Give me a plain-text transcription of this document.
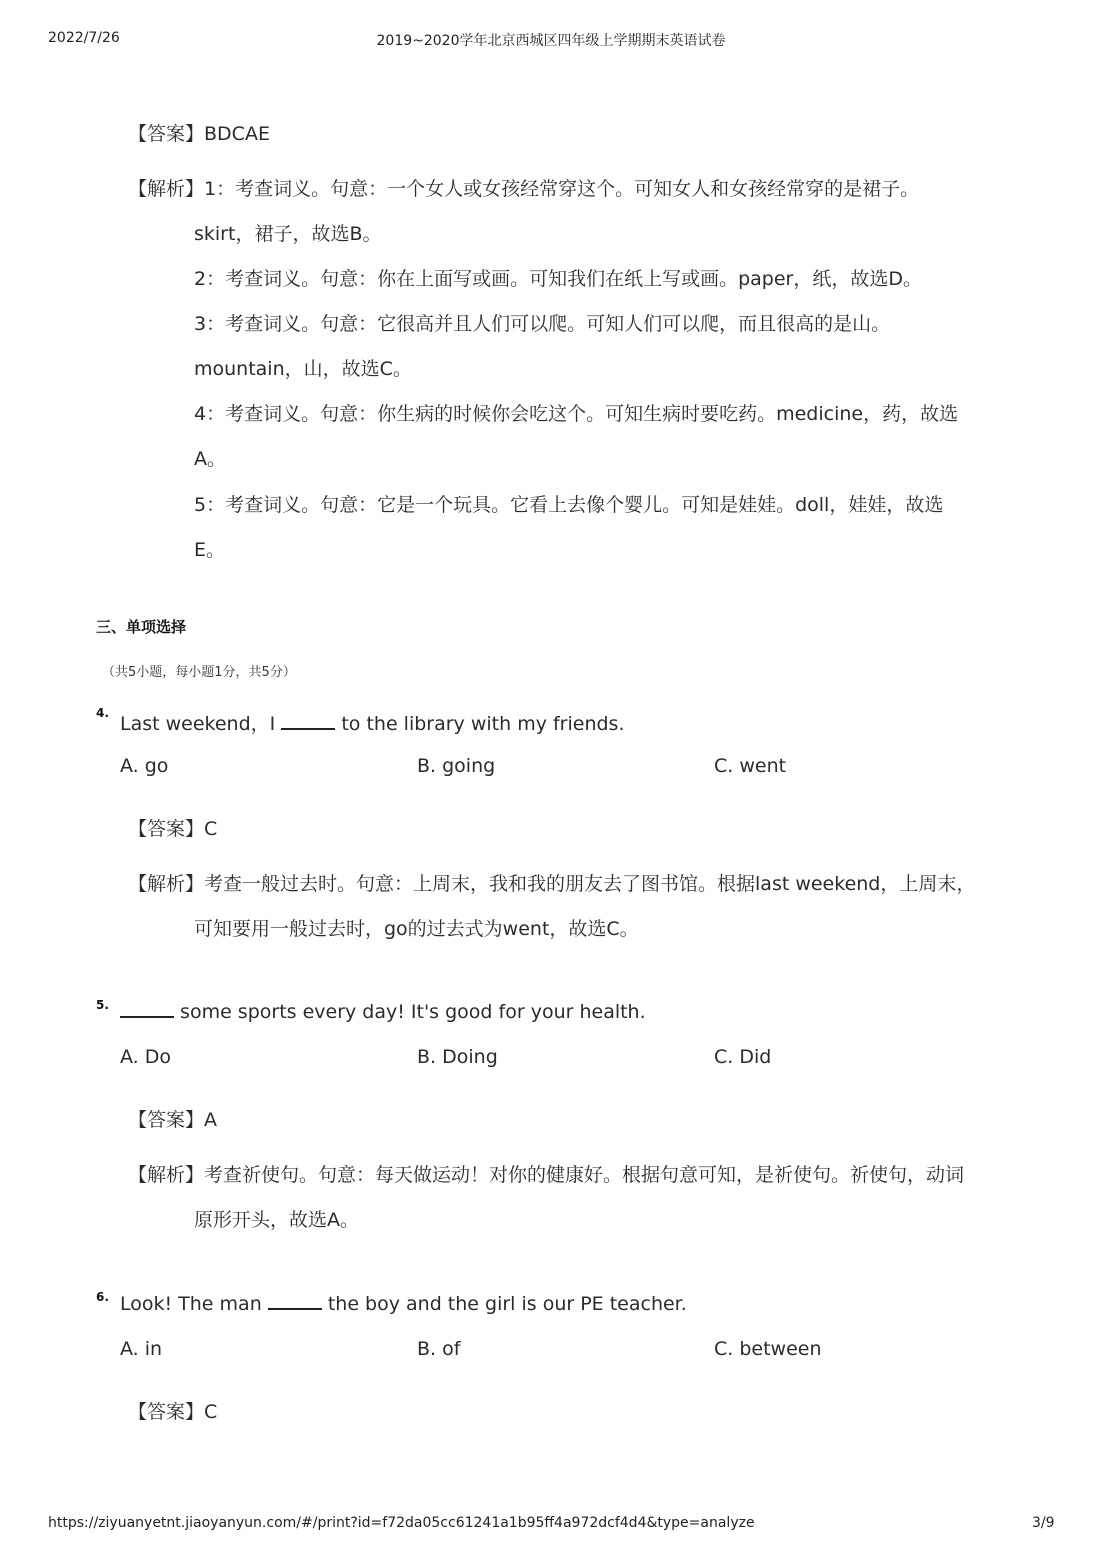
2022/7/26	2019~2020学年北京西城区四年级上学期期末英语试卷
【答案】BDCAE
【解析】1：考查词义。句意：一个女人或女孩经常穿这个。可知女人和女孩经常穿的是裙子。
skirt，裙子，故选B。
2：考查词义。句意：你在上面写或画。可知我们在纸上写或画。paper，纸，故选D。
3：考查词义。句意：它很高并且人们可以爬。可知人们可以爬，而且很高的是山。
mountain，山，故选C。
4：考查词义。句意：你生病的时候你会吃这个。可知生病时要吃药。medicine，药，故选
A。
5：考查词义。句意：它是一个玩具。它看上去像个婴儿。可知是娃娃。doll，娃娃，故选
E。
三、单项选择
（共5小题，每小题1分，共5分）
4. Last weekend，I	to the library with my friends.
A. go	B. going	C. went
【答案】C
【解析】考查一般过去时。句意：上周末，我和我的朋友去了图书馆。根据last weekend，上周末，
可知要用一般过去时，go的过去式为went，故选C。
5.	some sports every day! It's good for your health.
A. Do	B. Doing	C. Did
【答案】A
【解析】考查祈使句。句意：每天做运动！对你的健康好。根据句意可知，是祈使句。祈使句，动词
原形开头，故选A。
6. Look! The man	the boy and the girl is our PE teacher.
A. in	B. of	C. between
【答案】C
https://ziyuanyetnt.jiaoyanyun.com/#/print?id=f72da05cc61241a1b95ff4a972dcf4d4&type=analyze	3/9
